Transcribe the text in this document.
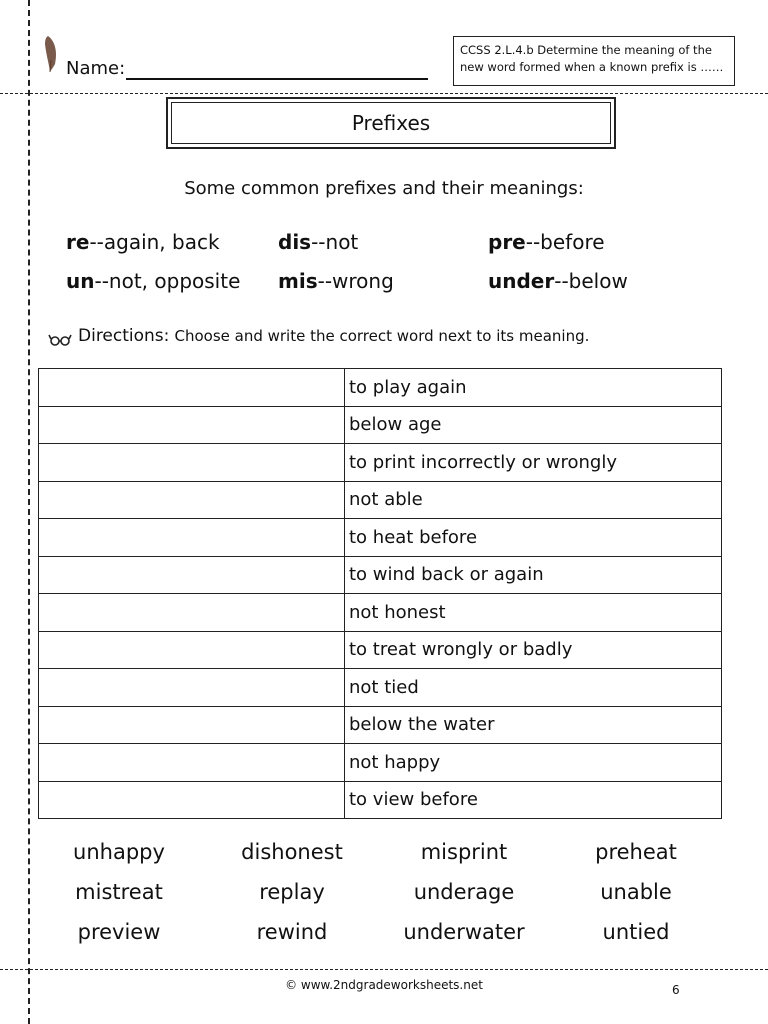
Name:
CCSS 2.L.4.b Determine the meaning of the new word formed when a known prefix is ……
Prefixes
Some common prefixes and their meanings:
re--again, back	dis--not	pre--before
un--not, opposite mis--wrong	under--below
Directions: Choose and write the correct word next to its meaning.
	to play again
	below age
	to print incorrectly or wrongly
	not able
	to heat before
	to wind back or again
	not honest
	to treat wrongly or badly
	not tied
	below the water
	not happy
	to view before
unhappy	dishonest	misprint	preheat
mistreat	replay	underage	unable
preview	rewind	underwater	untied
© www.2ndgradeworksheets.net	6
